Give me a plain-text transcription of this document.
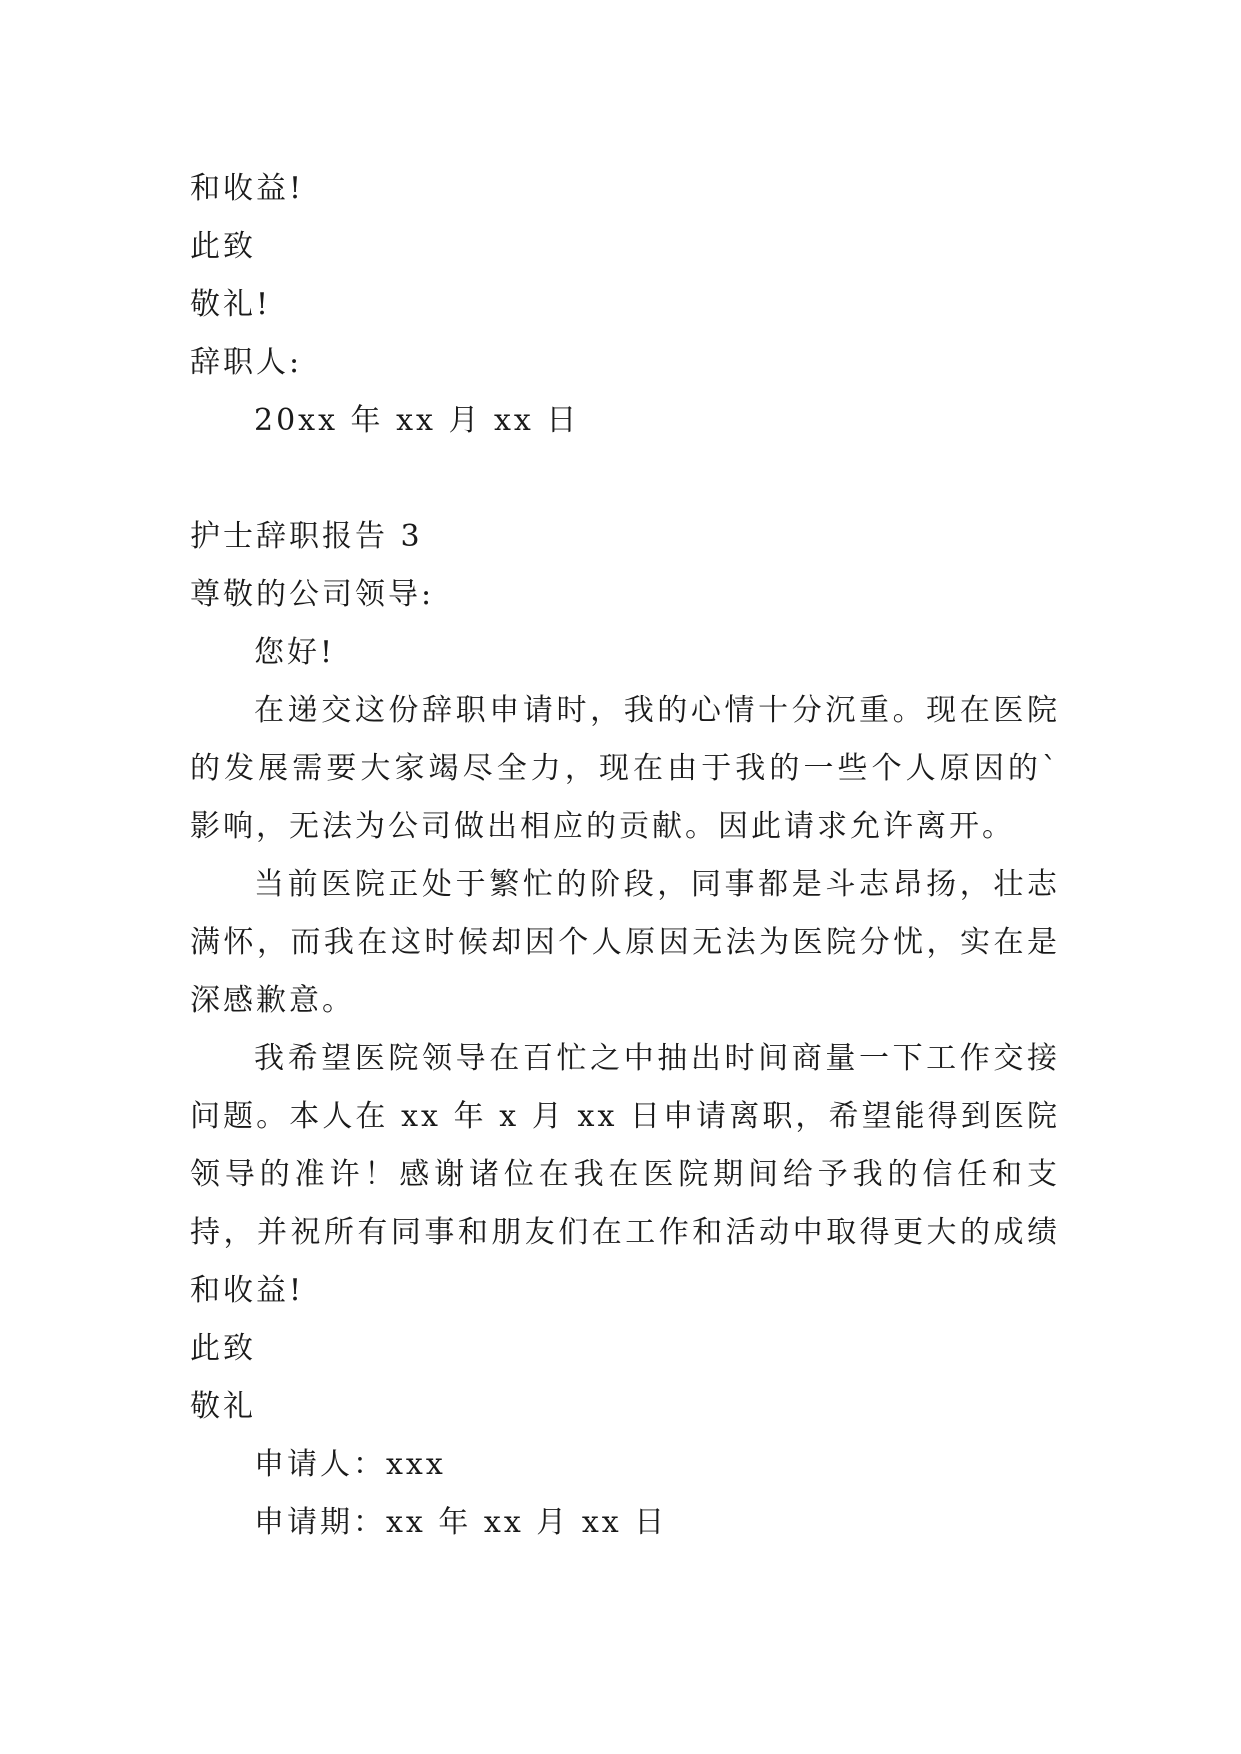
和收益!

此致

敬礼!

辞职人:

20xx 年 xx 月 xx 日

护士辞职报告 3

尊敬的公司领导:

您好!

在递交这份辞职申请时，我的心情十分沉重。现在医院的发展需要大家竭尽全力，现在由于我的一些个人原因的`影响，无法为公司做出相应的贡献。因此请求允许离开。

当前医院正处于繁忙的阶段，同事都是斗志昂扬，壮志满怀，而我在这时候却因个人原因无法为医院分忧，实在是深感歉意。

我希望医院领导在百忙之中抽出时间商量一下工作交接问题。本人在 xx 年 x 月 xx 日申请离职，希望能得到医院领导的准许！感谢诸位在我在医院期间给予我的信任和支持，并祝所有同事和朋友们在工作和活动中取得更大的成绩和收益!

此致

敬礼

申请人：xxx

申请期：xx 年 xx 月 xx 日
